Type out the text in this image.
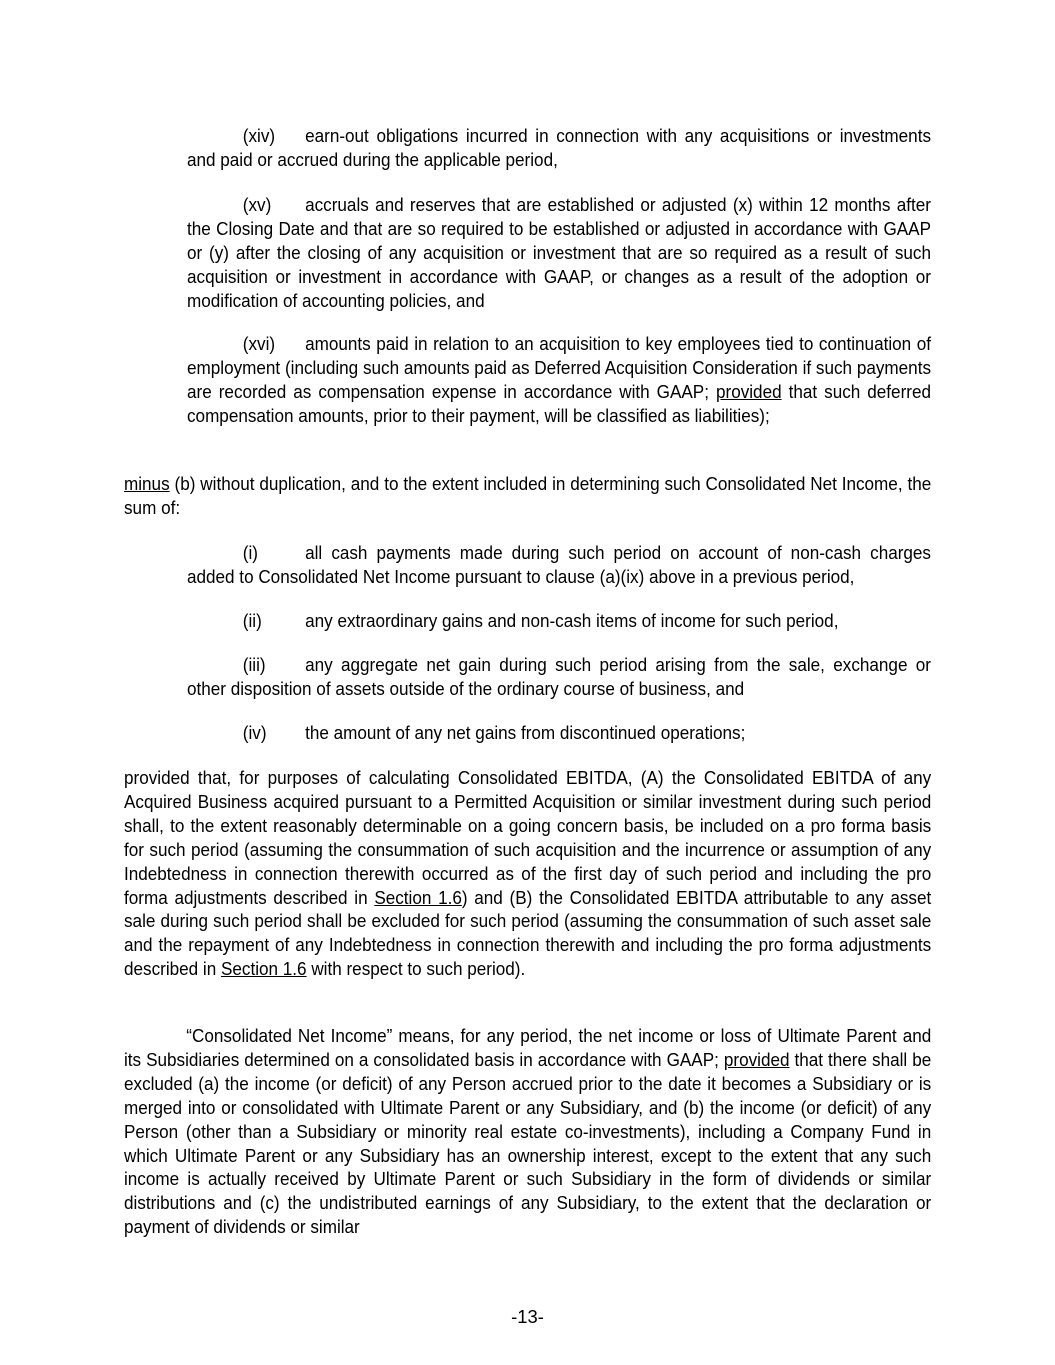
(xiv) earn-out obligations incurred in connection with any acquisitions or investments and paid or accrued during the applicable period,

(xv) accruals and reserves that are established or adjusted (x) within 12 months after the Closing Date and that are so required to be established or adjusted in accordance with GAAP or (y) after the closing of any acquisition or investment that are so required as a result of such acquisition or investment in accordance with GAAP, or changes as a result of the adoption or modification of accounting policies, and

(xvi) amounts paid in relation to an acquisition to key employees tied to continuation of employment (including such amounts paid as Deferred Acquisition Consideration if such payments are recorded as compensation expense in accordance with GAAP; provided that such deferred compensation amounts, prior to their payment, will be classified as liabilities);

minus (b) without duplication, and to the extent included in determining such Consolidated Net Income, the sum of:

(i)	all cash payments made during such period on account of non-cash charges added to Consolidated Net Income pursuant to clause (a)(ix) above in a previous period,

(ii) any extraordinary gains and non-cash items of income for such period,

(iii) any aggregate net gain during such period arising from the sale, exchange or other disposition of assets outside of the ordinary course of business, and

(iv) the amount of any net gains from discontinued operations;

provided that, for purposes of calculating Consolidated EBITDA, (A) the Consolidated EBITDA of any Acquired Business acquired pursuant to a Permitted Acquisition or similar investment during such period shall, to the extent reasonably determinable on a going concern basis, be included on a pro forma basis for such period (assuming the consummation of such acquisition and the incurrence or assumption of any Indebtedness in connection therewith occurred as of the first day of such period and including the pro forma adjustments described in Section 1.6) and (B) the Consolidated EBITDA attributable to any asset sale during such period shall be excluded for such period (assuming the consummation of such asset sale and the repayment of any Indebtedness in connection therewith and including the pro forma adjustments described in Section 1.6 with respect to such period).

“Consolidated Net Income” means, for any period, the net income or loss of Ultimate Parent and its Subsidiaries determined on a consolidated basis in accordance with GAAP; provided that there shall be excluded (a) the income (or deficit) of any Person accrued prior to the date it becomes a Subsidiary or is merged into or consolidated with Ultimate Parent or any Subsidiary, and (b) the income (or deficit) of any Person (other than a Subsidiary or minority real estate co-investments), including a Company Fund in which Ultimate Parent or any Subsidiary has an ownership interest, except to the extent that any such income is actually received by Ultimate Parent or such Subsidiary in the form of dividends or similar distributions and (c) the undistributed earnings of any Subsidiary, to the extent that the declaration or payment of dividends or similar

-13-
